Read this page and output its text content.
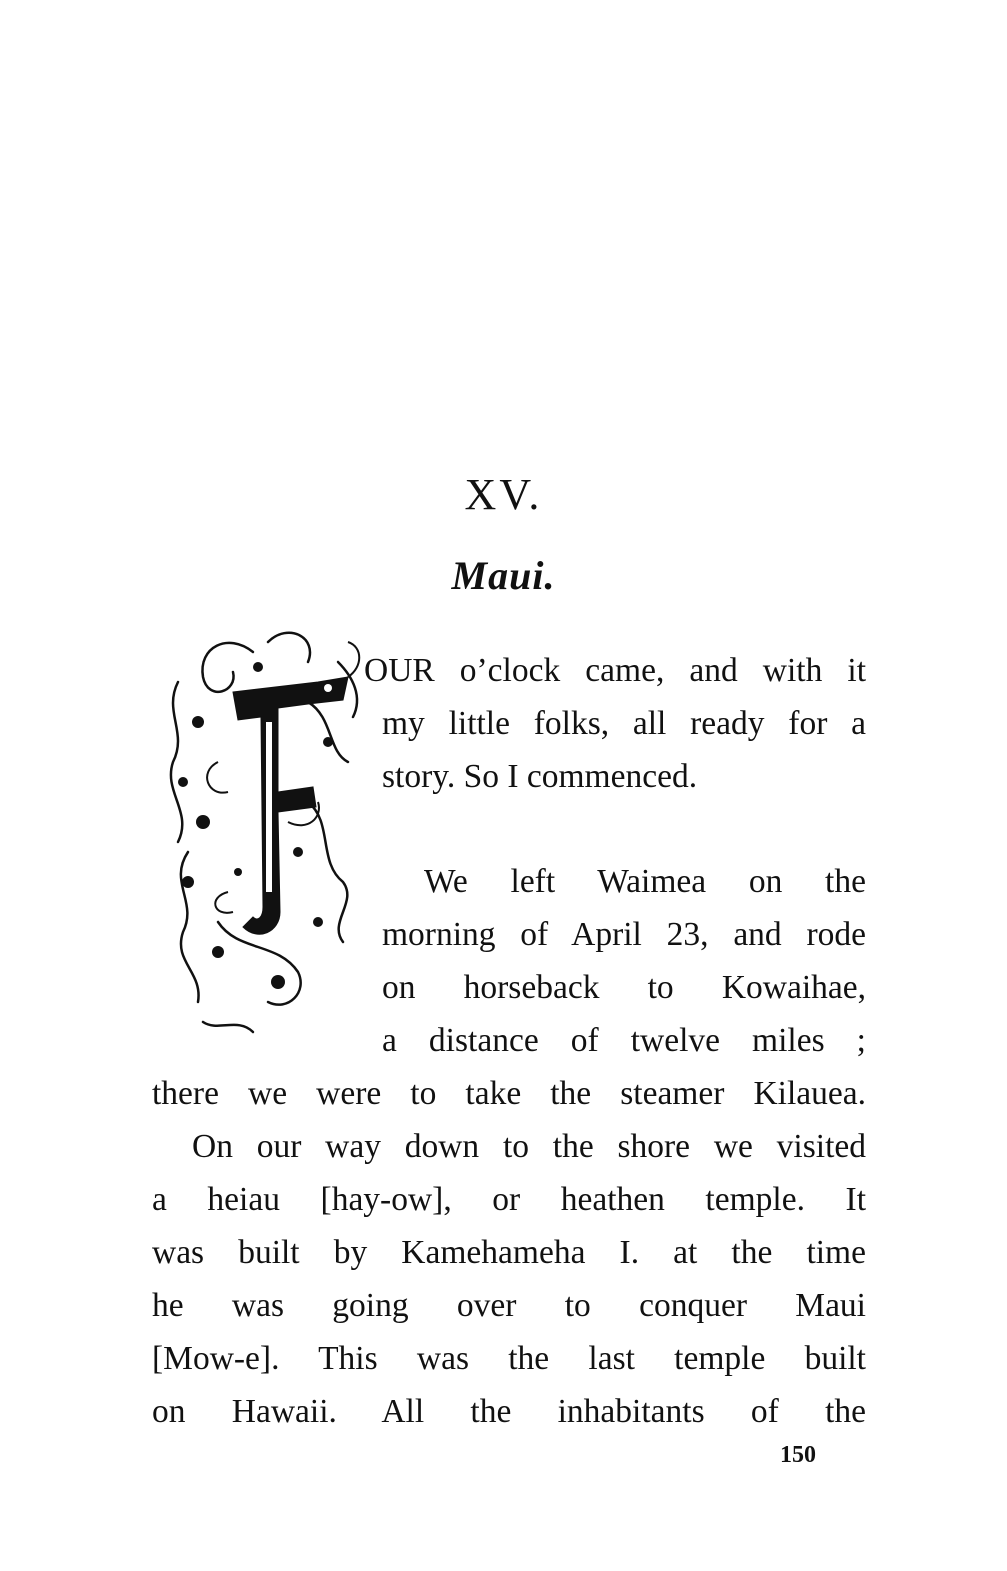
XV.
Maui.
OUR o’clock came, and with it
my little folks, all ready for a
story. So I commenced.
We left Waimea on the
morning of April 23, and rode
on horseback to Kowaihae,
a distance of twelve miles ;
there we were to take the steamer Kilauea.
On our way down to the shore we visited
a heiau [hay-ow], or heathen temple. It
was built by Kamehameha I. at the time
he was going over to conquer Maui
[Mow-e]. This was the last temple built
on Hawaii. All the inhabitants of the
150
